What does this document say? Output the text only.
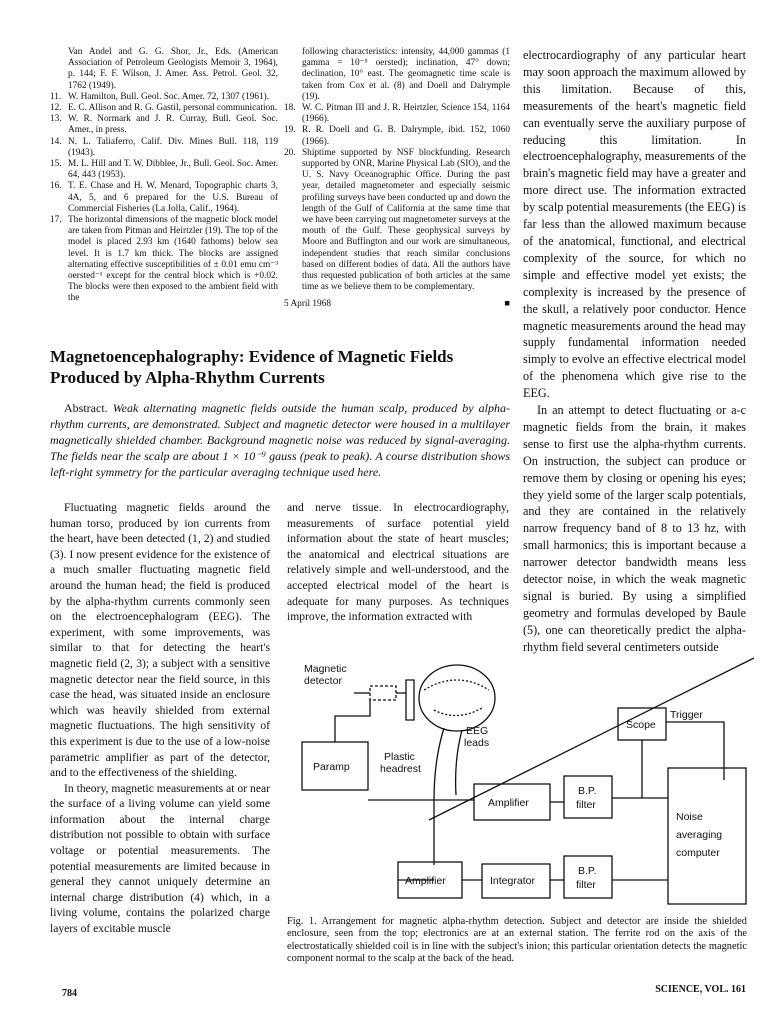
Van Andel and G. G. Shor, Jr., Eds. (American Association of Petroleum Geologists Memoir 3, 1964), p. 144; F. F. Wilson, J. Amer. Ass. Petrol. Geol. 32, 1762 (1949).

11. W. Hamilton, Bull. Geol. Soc. Amer. 72, 1307 (1961).

12. E. C. Allison and R. G. Gastil, personal communication.

13. W. R. Normark and J. R. Curray, Bull. Geol. Soc. Amer., in press.

14. N. L. Taliaferro, Calif. Div. Mines Bull. 118, 119 (1943).

15. M. L. Hill and T. W. Dibblee, Jr., Bull. Geol. Soc. Amer. 64, 443 (1953).

16. T. E. Chase and H. W. Menard, Topographic charts 3, 4A, 5, and 6 prepared for the U.S. Bureau of Commercial Fisheries (La Jolla, Calif., 1964).

17. The horizontal dimensions of the magnetic block model are taken from Pitman and Heirtzler (19). The top of the model is placed 2.93 km (1640 fathoms) below sea level. It is 1.7 km thick. The blocks are assigned alternating effective susceptibilities of ± 0.01 emu cm⁻³ oersted⁻¹ except for the central block which is +0.02. The blocks were then exposed to the ambient field with the

following characteristics: intensity, 44,000 gammas (1 gamma = 10⁻⁵ oersted); inclination, 47° down; declination, 10° east. The geomagnetic time scale is taken from Cox et al. (8) and Doell and Dalrymple (19).

18. W. C. Pitman III and J. R. Heirtzler, Science 154, 1164 (1966).

19. R. R. Doell and G. B. Dalrymple, ibid. 152, 1060 (1966).

20. Shiptime supported by NSF blockfunding. Research supported by ONR, Marine Physical Lab (SIO), and the U. S. Navy Oceanographic Office. During the past year, detailed magnetometer and especially seismic profiling surveys have been conducted up and down the length of the Gulf of California at the same time that we have been carrying out magnetometer surveys at the mouth of the Gulf. These geophysical surveys by Moore and Buffington and our work are simultaneous, independent studies that reach similar conclusions based on different bodies of data. All the authors have thus requested publication of both articles at the same time as we believe them to be complementary.

5 April 1968	■

electrocardiography of any particular heart may soon approach the maximum allowed by this limitation. Because of this, measurements of the heart's magnetic field can eventually serve the auxiliary purpose of reducing this limitation. In electroencephalography, measurements of the brain's magnetic field may have a greater and more direct use. The information extracted by scalp potential measurements (the EEG) is far less than the allowed maximum because of the anatomical, functional, and electrical complexity of the source, for which no simple and effective model yet exists; the complexity is increased by the presence of the skull, a relatively poor conductor. Hence magnetic measurements around the head may supply fundamental information needed simply to evolve an effective electrical model of the phenomena which give rise to the EEG.

In an attempt to detect fluctuating or a-c magnetic fields from the brain, it makes sense to first use the alpha-rhythm currents. On instruction, the subject can produce or remove them by closing or opening his eyes; they yield some of the larger scalp potentials, and they are contained in the relatively narrow frequency band of 8 to 13 hz, with small harmonics; this is important because a narrower detector bandwidth means less detector noise, in which the weak magnetic signal is buried. By using a simplified geometry and formulas developed by Baule (5), one can theoretically predict the alpha-rhythm field several centimeters outside

Magnetoencephalography: Evidence of Magnetic Fields
Produced by Alpha-Rhythm Currents
Abstract. Weak alternating magnetic fields outside the human scalp, produced by alpha-rhythm currents, are demonstrated. Subject and magnetic detector were housed in a multilayer magnetically shielded chamber. Background magnetic noise was reduced by signal-averaging. The fields near the scalp are about 1 × 10⁻⁹ gauss (peak to peak). A course distribution shows left-right symmetry for the particular averaging technique used here.

Fluctuating magnetic fields around the human torso, produced by ion currents from the heart, have been detected (1, 2) and studied (3). I now present evidence for the existence of a much smaller fluctuating magnetic field around the human head; the field is produced by the alpha-rhythm currents commonly seen on the electroencephalogram (EEG). The experiment, with some improvements, was similar to that for detecting the heart's magnetic field (2, 3); a subject with a sensitive magnetic detector near the field source, in this case the head, was situated inside an enclosure which was heavily shielded from external magnetic fluctuations. The high sensitivity of this experiment is due to the use of a low-noise parametric amplifier as part of the detector, and to the effectiveness of the shielding.

In theory, magnetic measurements at or near the surface of a living volume can yield some information about the internal charge distribution not possible to obtain with surface voltage or potential measurements. The potential measurements are limited because in general they cannot uniquely determine an internal charge distribution (4) which, in a living volume, contains the polarized charge layers of excitable muscle

and nerve tissue. In electrocardiography, measurements of surface potential yield information about the state of heart muscles; the anatomical and electrical situations are relatively simple and well-understood, and the accepted electrical model of the heart is adequate for many purposes. As techniques improve, the information extracted with

Magnetic
detector
Paramp
Plastic
headrest
EEG
leads
Scope
Trigger
Amplifier
B.P.
filter
Noise
averaging
computer
Amplifier	Integrator
B.P.
filter
Fig. 1. Arrangement for magnetic alpha-rhythm detection. Subject and detector are inside the shielded enclosure, seen from the top; electronics are at an external station. The ferrite rod on the axis of the electrostatically shielded coil is in line with the subject's inion; this particular orientation detects the magnetic component normal to the scalp at the back of the head.
784	SCIENCE, VOL. 161
